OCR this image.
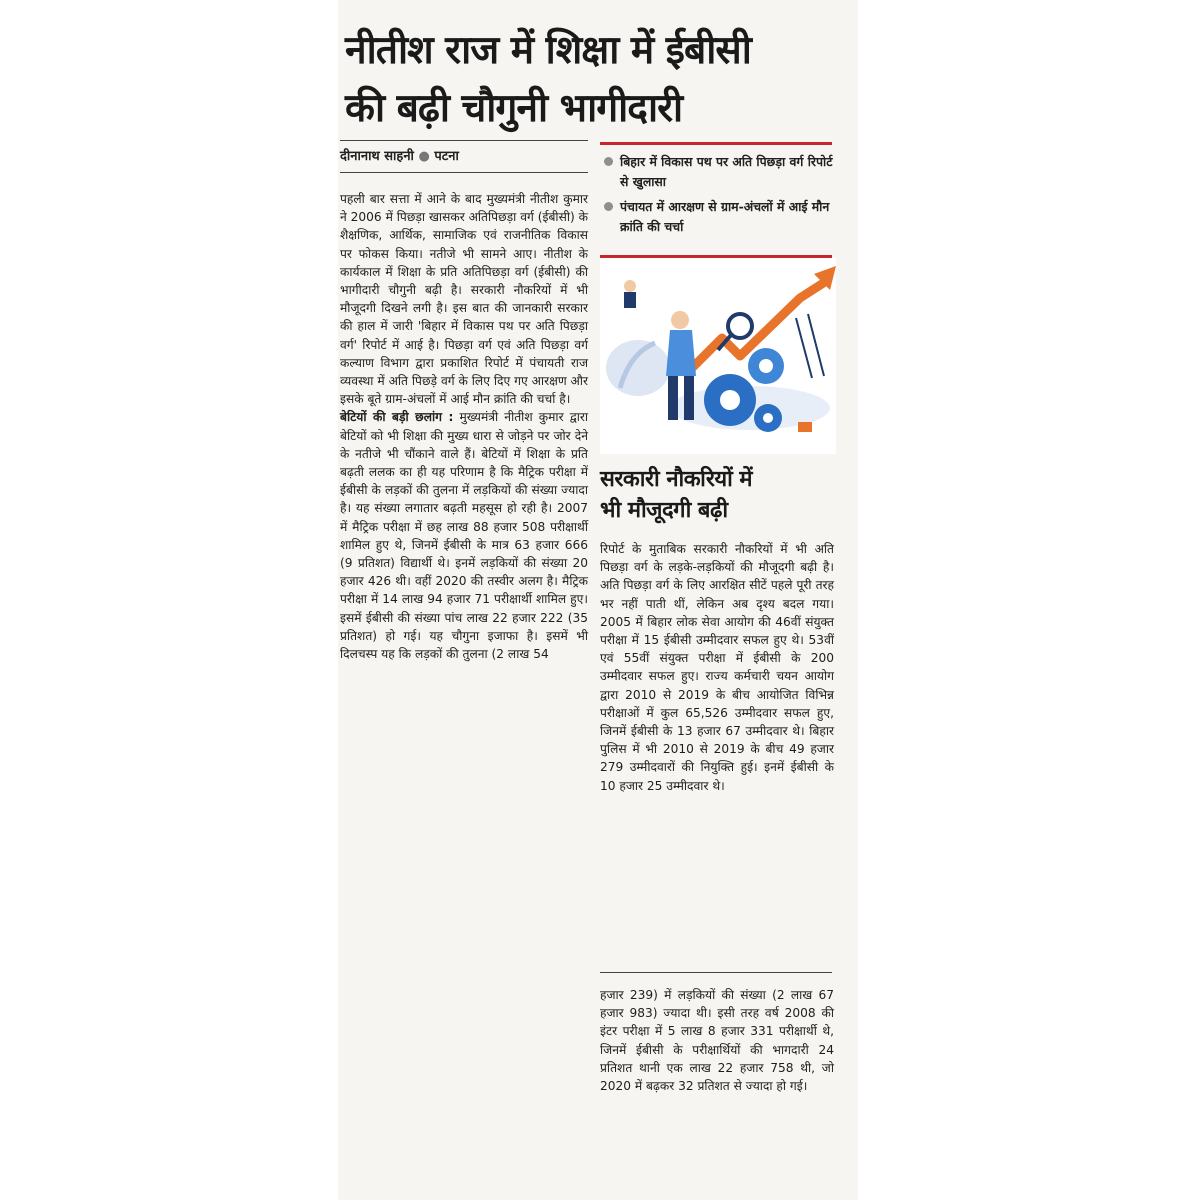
नीतीश राज में शिक्षा में ईबीसी
की बढ़ी चौगुनी भागीदारी
दीनानाथ साहनी ● पटना

पहली बार सत्ता में आने के बाद मुख्यमंत्री नीतीश कुमार ने 2006 में पिछड़ा खासकर अतिपिछड़ा वर्ग (ईबीसी) के शैक्षणिक, आर्थिक, सामाजिक एवं राजनीतिक विकास पर फोकस किया। नतीजे भी सामने आए। नीतीश के कार्यकाल में शिक्षा के प्रति अतिपिछड़ा वर्ग (ईबीसी) की भागीदारी चौगुनी बढ़ी है। सरकारी नौकरियों में भी मौजूदगी दिखने लगी है। इस बात की जानकारी सरकार की हाल में जारी 'बिहार में विकास पथ पर अति पिछड़ा वर्ग' रिपोर्ट में आई है। पिछड़ा वर्ग एवं अति पिछड़ा वर्ग कल्याण विभाग द्वारा प्रकाशित रिपोर्ट में पंचायती राज व्यवस्था में अति पिछड़े वर्ग के लिए दिए गए आरक्षण और इसके बूते ग्राम-अंचलों में आई मौन क्रांति की चर्चा है।

बेटियों की बड़ी छलांग : मुख्यमंत्री नीतीश कुमार द्वारा बेटियों को भी शिक्षा की मुख्य धारा से जोड़ने पर जोर देने के नतीजे भी चौंकाने वाले हैं। बेटियों में शिक्षा के प्रति बढ़ती ललक का ही यह परिणाम है कि मैट्रिक परीक्षा में ईबीसी के लड़कों की तुलना में लड़कियों की संख्या ज्यादा है। यह संख्या लगातार बढ़ती महसूस हो रही है। 2007 में मैट्रिक परीक्षा में छह लाख 88 हजार 508 परीक्षार्थी शामिल हुए थे, जिनमें ईबीसी के मात्र 63 हजार 666 (9 प्रतिशत) विद्यार्थी थे। इनमें लड़कियों की संख्या 20 हजार 426 थी। वहीं 2020 की तस्वीर अलग है। मैट्रिक परीक्षा में 14 लाख 94 हजार 71 परीक्षार्थी शामिल हुए। इसमें ईबीसी की संख्या पांच लाख 22 हजार 222 (35 प्रतिशत) हो गई। यह चौगुना इजाफा है। इसमें भी दिलचस्प यह कि लड़कों की तुलना (2 लाख 54

बिहार में विकास पथ पर अति पिछड़ा वर्ग रिपोर्ट से खुलासा
पंचायत में आरक्षण से ग्राम-अंचलों में आई मौन क्रांति की चर्चा
सरकारी नौकरियों में
भी मौजूदगी बढ़ी

रिपोर्ट के मुताबिक सरकारी नौकरियों में भी अति पिछड़ा वर्ग के लड़के-लड़कियों की मौजूदगी बढ़ी है। अति पिछड़ा वर्ग के लिए आरक्षित सीटें पहले पूरी तरह भर नहीं पाती थीं, लेकिन अब दृश्य बदल गया। 2005 में बिहार लोक सेवा आयोग की 46वीं संयुक्त परीक्षा में 15 ईबीसी उम्मीदवार सफल हुए थे। 53वीं एवं 55वीं संयुक्त परीक्षा में ईबीसी के 200 उम्मीदवार सफल हुए। राज्य कर्मचारी चयन आयोग द्वारा 2010 से 2019 के बीच आयोजित विभिन्न परीक्षाओं में कुल 65,526 उम्मीदवार सफल हुए, जिनमें ईबीसी के 13 हजार 67 उम्मीदवार थे। बिहार पुलिस में भी 2010 से 2019 के बीच 49 हजार 279 उम्मीदवारों की नियुक्ति हुई। इनमें ईबीसी के 10 हजार 25 उम्मीदवार थे।

हजार 239) में लड़कियों की संख्या (2 लाख 67 हजार 983) ज्यादा थी। इसी तरह वर्ष 2008 की इंटर परीक्षा में 5 लाख 8 हजार 331 परीक्षार्थी थे, जिनमें ईबीसी के परीक्षार्थियों की भागदारी 24 प्रतिशत थानी एक लाख 22 हजार 758 थी, जो 2020 में बढ़कर 32 प्रतिशत से ज्यादा हो गई।
